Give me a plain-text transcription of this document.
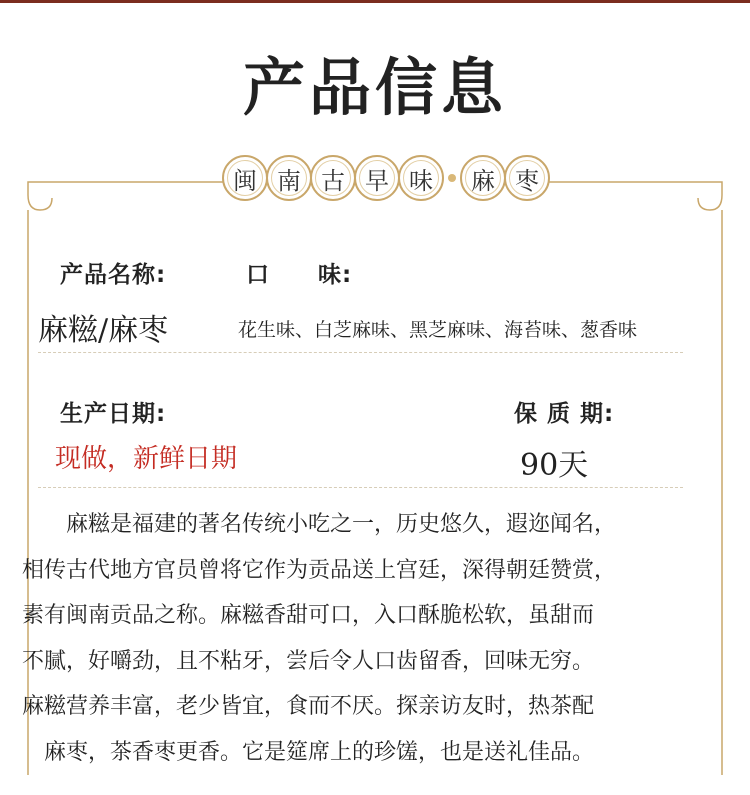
产品信息
闽 南 古 早 味 麻 枣
产品名称:	口　　味:
麻糍/麻枣	花生味、白芝麻味、黑芝麻味、海苔味、葱香味
生产日期:	保 质 期:
现做，新鲜日期	90天

　　麻糍是福建的著名传统小吃之一，历史悠久，遐迩闻名，

相传古代地方官员曾将它作为贡品送上宫廷，深得朝廷赞赏，

素有闽南贡品之称。麻糍香甜可口，入口酥脆松软，虽甜而

不腻，好嚼劲，且不粘牙，尝后令人口齿留香，回味无穷。

麻糍营养丰富，老少皆宜，食而不厌。探亲访友时，热茶配

　麻枣，茶香枣更香。它是筵席上的珍馐，也是送礼佳品。
